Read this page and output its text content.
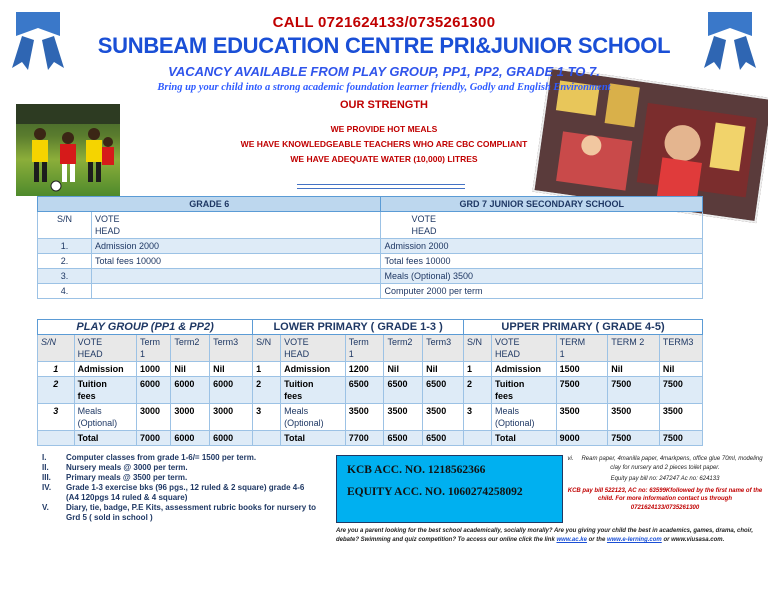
CALL 0721624133/0735261300
SUNBEAM EDUCATION CENTRE PRI&JUNIOR SCHOOL
VACANCY AVAILABLE FROM PLAY GROUP, PP1, PP2, GRADE 1 TO 7.
Bring up your child into a strong academic foundation learner friendly, Godly and English Environment
OUR STRENGTH
WE PROVIDE HOT MEALS
WE HAVE KNOWLEDGEABLE TEACHERS WHO ARE CBC COMPLIANT
WE HAVE ADEQUATE WATER (10,000) LITRES
GRADE 6		GRD 7 JUNIOR SECONDARY SCHOOL
S/N	VOTE
HEAD	VOTE
HEAD
1.	Admission 2000	Admission 2000
2.	Total fees 10000	Total fees 10000
3.		Meals (Optional) 3500
4.		Computer 2000 per term
PLAY GROUP (PP1 & PP2)					LOWER PRIMARY ( GRADE 1-3 )					UPPER PRIMARY ( GRADE 4-5)				
S/N	VOTE
HEAD	Term
1	Term2	Term3	S/N	VOTE
HEAD	Term
1	Term2	Term3	S/N	VOTE
HEAD	TERM
1	TERM 2	TERM3
1	Admission	1000	Nil	Nil	1	Admission	1200	Nil	Nil	1	Admission	1500	Nil	Nil
2	Tuition
fees	6000	6000	6000	2	Tuition
fees	6500	6500	6500	2	Tuition
fees	7500	7500	7500
3	Meals
(Optional)	3000	3000	3000	3	Meals
(Optional)	3500	3500	3500	3	Meals
(Optional)	3500	3500	3500
	Total	7000	6000	6000		Total	7700	6500	6500		Total	9000	7500	7500
I.	Computer classes from grade 1-6/= 1500 per term.
II.	Nursery meals @ 3000 per term.
III.	Primary meals @ 3500 per term.
IV.	Grade 1-3 exercise bks (96 pgs., 12 ruled & 2 square) grade 4-6
(A4 120pgs 14 ruled & 4 square)
V.	Diary, tie, badge, P.E Kits, assessment rubric books for nursery to
Grd 5 ( sold in school )
KCB ACC. NO. 1218562366
EQUITY ACC. NO. 1060274258092
vi. Ream paper, 4manilla paper, 4markpens, office glue 70ml, modeling clay for nursery and 2 pieces toilet paper.
Equity pay bill no: 247247 Ac no: 624133
KCB pay bill 522123, AC no: 63599Kfollowed by the first name of the child. For more information contact us through 0721624133/0735261300
Are you a parent looking for the best school academically, socially morally? Are you giving your child the best in academics, games, drama, choir, debate? Swimming and quiz competition? To access our online click the link www.ac.ke or the www.e-lerning.com or www.viusasa.com.
